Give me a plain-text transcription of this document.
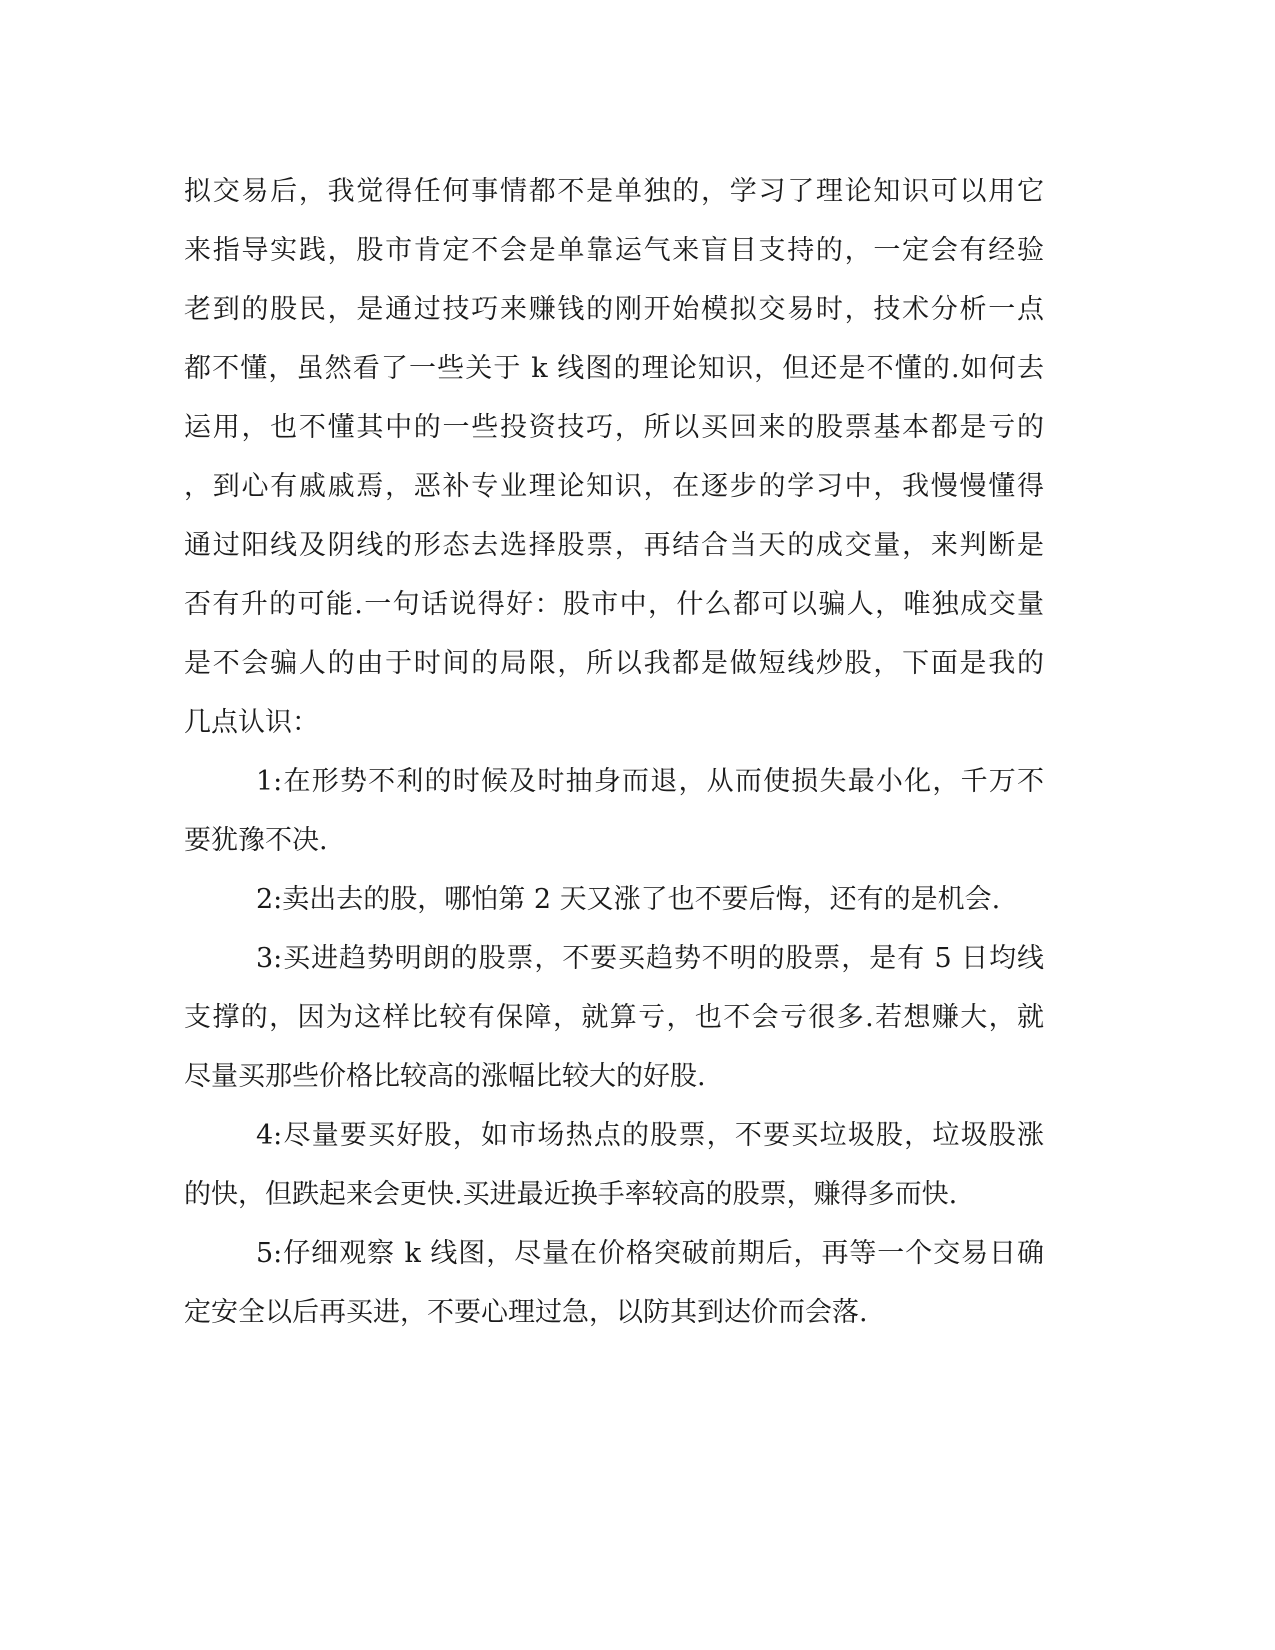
拟交易后，我觉得任何事情都不是单独的，学习了理论知识可以用它
来指导实践，股市肯定不会是单靠运气来盲目支持的，一定会有经验
老到的股民，是通过技巧来赚钱的刚开始模拟交易时，技术分析一点
都不懂，虽然看了一些关于 k 线图的理论知识，但还是不懂的.如何去
运用，也不懂其中的一些投资技巧，所以买回来的股票基本都是亏的
，到心有戚戚焉，恶补专业理论知识，在逐步的学习中，我慢慢懂得
通过阳线及阴线的形态去选择股票，再结合当天的成交量，来判断是
否有升的可能.一句话说得好：股市中，什么都可以骗人，唯独成交量
是不会骗人的由于时间的局限，所以我都是做短线炒股，下面是我的
几点认识：
1:在形势不利的时候及时抽身而退，从而使损失最小化，千万不
要犹豫不决.
2:卖出去的股，哪怕第 2 天又涨了也不要后悔，还有的是机会.
3:买进趋势明朗的股票，不要买趋势不明的股票，是有 5 日均线
支撑的，因为这样比较有保障，就算亏，也不会亏很多.若想赚大，就
尽量买那些价格比较高的涨幅比较大的好股.
4:尽量要买好股，如市场热点的股票，不要买垃圾股，垃圾股涨
的快，但跌起来会更快.买进最近换手率较高的股票，赚得多而快.
5:仔细观察 k 线图，尽量在价格突破前期后，再等一个交易日确
定安全以后再买进，不要心理过急，以防其到达价而会落.
